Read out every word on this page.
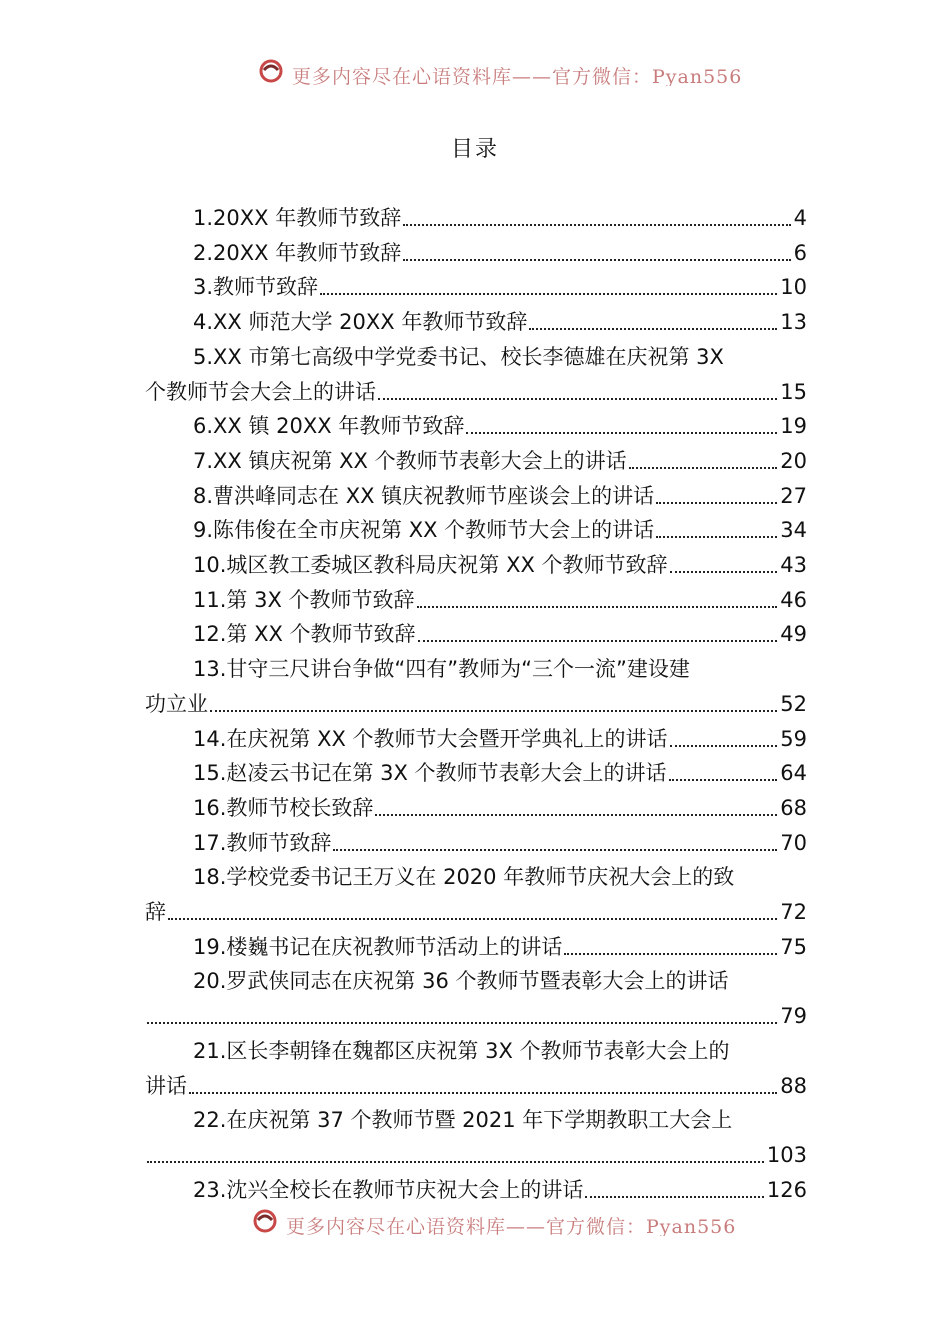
更多内容尽在心语资料库——官方微信：Pyan556
目录
1.20XX 年教师节致辞	4
2.20XX 年教师节致辞	6
3.教师节致辞	10
4.XX 师范大学 20XX 年教师节致辞	13
5.XX 市第七高级中学党委书记、校长李德雄在庆祝第 3X
个教师节会大会上的讲话	15
6.XX 镇 20XX 年教师节致辞	19
7.XX 镇庆祝第 XX 个教师节表彰大会上的讲话	20
8.曹洪峰同志在 XX 镇庆祝教师节座谈会上的讲话	27
9.陈伟俊在全市庆祝第 XX 个教师节大会上的讲话	34
10.城区教工委城区教科局庆祝第 XX 个教师节致辞	43
11.第 3X 个教师节致辞	46
12.第 XX 个教师节致辞	49
13.甘守三尺讲台争做“四有”教师为“三个一流”建设建
功立业	52
14.在庆祝第 XX 个教师节大会暨开学典礼上的讲话	59
15.赵凌云书记在第 3X 个教师节表彰大会上的讲话	64
16.教师节校长致辞	68
17.教师节致辞	70
18.学校党委书记王万义在 2020 年教师节庆祝大会上的致
辞	72
19.楼巍书记在庆祝教师节活动上的讲话	75
20.罗武侠同志在庆祝第 36 个教师节暨表彰大会上的讲话
79
21.区长李朝锋在魏都区庆祝第 3X 个教师节表彰大会上的
讲话	88
22.在庆祝第 37 个教师节暨 2021 年下学期教职工大会上
103
23.沈兴全校长在教师节庆祝大会上的讲话	126
更多内容尽在心语资料库——官方微信：Pyan556
